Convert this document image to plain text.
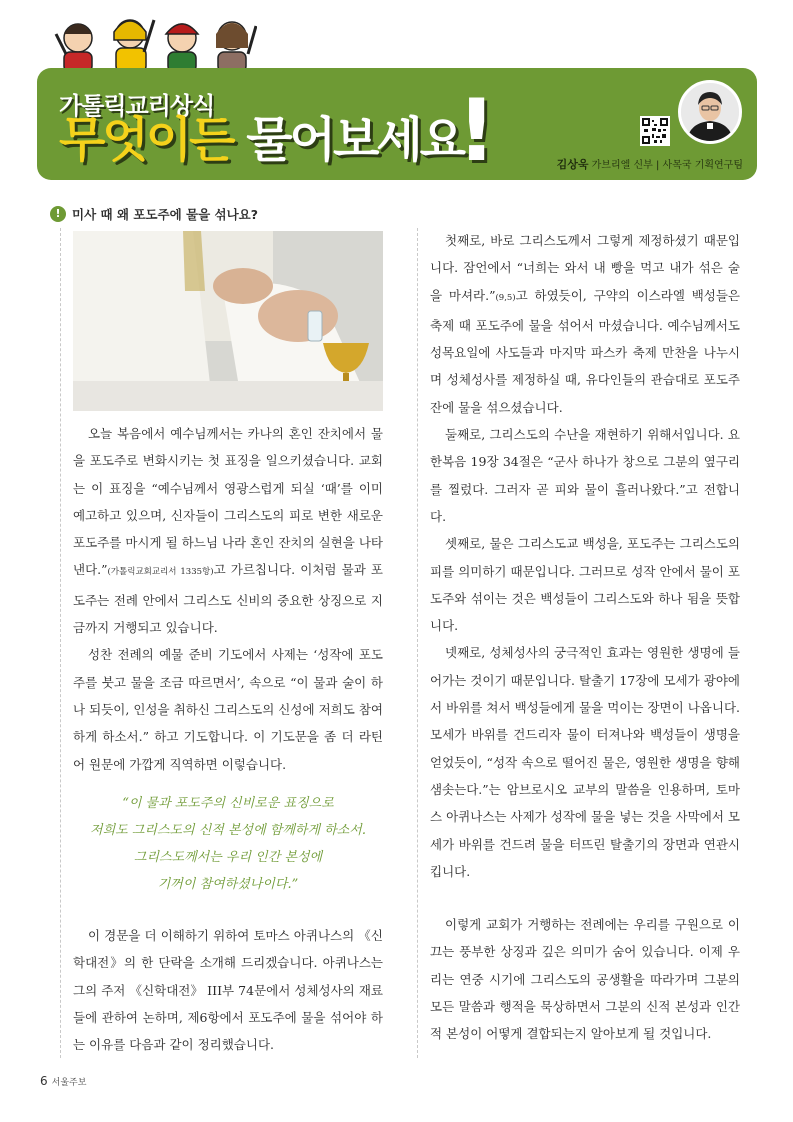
가톨릭교리상식
무엇이든 물어보세요
!	김상욱 가브리엘 신부 | 사목국 기획연구팀
! 미사 때 왜 포도주에 물을 섞나요?

오늘 복음에서 예수님께서는 카나의 혼인 잔치에서 물을 포도주로 변화시키는 첫 표징을 일으키셨습니다. 교회는 이 표징을 “예수님께서 영광스럽게 되실 ‘때’를 이미 예고하고 있으며, 신자들이 그리스도의 피로 변한 새로운 포도주를 마시게 될 하느님 나라 혼인 잔치의 실현을 나타낸다.”(가톨릭교회교리서 1335항)고 가르칩니다. 이처럼 물과 포도주는 전례 안에서 그리스도 신비의 중요한 상징으로 지금까지 거행되고 있습니다.

성찬 전례의 예물 준비 기도에서 사제는 ‘성작에 포도주를 붓고 물을 조금 따르면서’, 속으로 “이 물과 술이 하나 되듯이, 인성을 취하신 그리스도의 신성에 저희도 참여하게 하소서.” 하고 기도합니다. 이 기도문을 좀 더 라틴어 원문에 가깝게 직역하면 이렇습니다.

“이 물과 포도주의 신비로운 표징으로
저희도 그리스도의 신적 본성에 함께하게 하소서.
그리스도께서는 우리 인간 본성에
기꺼이 참여하셨나이다.”

이 경문을 더 이해하기 위하여 토마스 아퀴나스의 《신학대전》의 한 단락을 소개해 드리겠습니다. 아퀴나스는 그의 주저 《신학대전》 III부 74문에서 성체성사의 재료들에 관하여 논하며, 제6항에서 포도주에 물을 섞어야 하는 이유를 다음과 같이 정리했습니다.

첫째로, 바로 그리스도께서 그렇게 제정하셨기 때문입니다. 잠언에서 “너희는 와서 내 빵을 먹고 내가 섞은 술을 마셔라.”(9,5)고 하였듯이, 구약의 이스라엘 백성들은 축제 때 포도주에 물을 섞어서 마셨습니다. 예수님께서도 성목요일에 사도들과 마지막 파스카 축제 만찬을 나누시며 성체성사를 제정하실 때, 유다인들의 관습대로 포도주 잔에 물을 섞으셨습니다.

둘째로, 그리스도의 수난을 재현하기 위해서입니다. 요한복음 19장 34절은 “군사 하나가 창으로 그분의 옆구리를 찔렀다. 그러자 곧 피와 물이 흘러나왔다.”고 전합니다.

셋째로, 물은 그리스도교 백성을, 포도주는 그리스도의 피를 의미하기 때문입니다. 그러므로 성작 안에서 물이 포도주와 섞이는 것은 백성들이 그리스도와 하나 됨을 뜻합니다.

넷째로, 성체성사의 궁극적인 효과는 영원한 생명에 들어가는 것이기 때문입니다. 탈출기 17장에 모세가 광야에서 바위를 쳐서 백성들에게 물을 먹이는 장면이 나옵니다. 모세가 바위를 건드리자 물이 터져나와 백성들이 생명을 얻었듯이, “성작 속으로 떨어진 물은, 영원한 생명을 향해 샘솟는다.”는 암브로시오 교부의 말씀을 인용하며, 토마스 아퀴나스는 사제가 성작에 물을 넣는 것을 사막에서 모세가 바위를 건드려 물을 터뜨린 탈출기의 장면과 연관시킵니다.

이렇게 교회가 거행하는 전례에는 우리를 구원으로 이끄는 풍부한 상징과 깊은 의미가 숨어 있습니다. 이제 우리는 연중 시기에 그리스도의 공생활을 따라가며 그분의 모든 말씀과 행적을 묵상하면서 그분의 신적 본성과 인간적 본성이 어떻게 결합되는지 알아보게 될 것입니다.

6 서울주보
